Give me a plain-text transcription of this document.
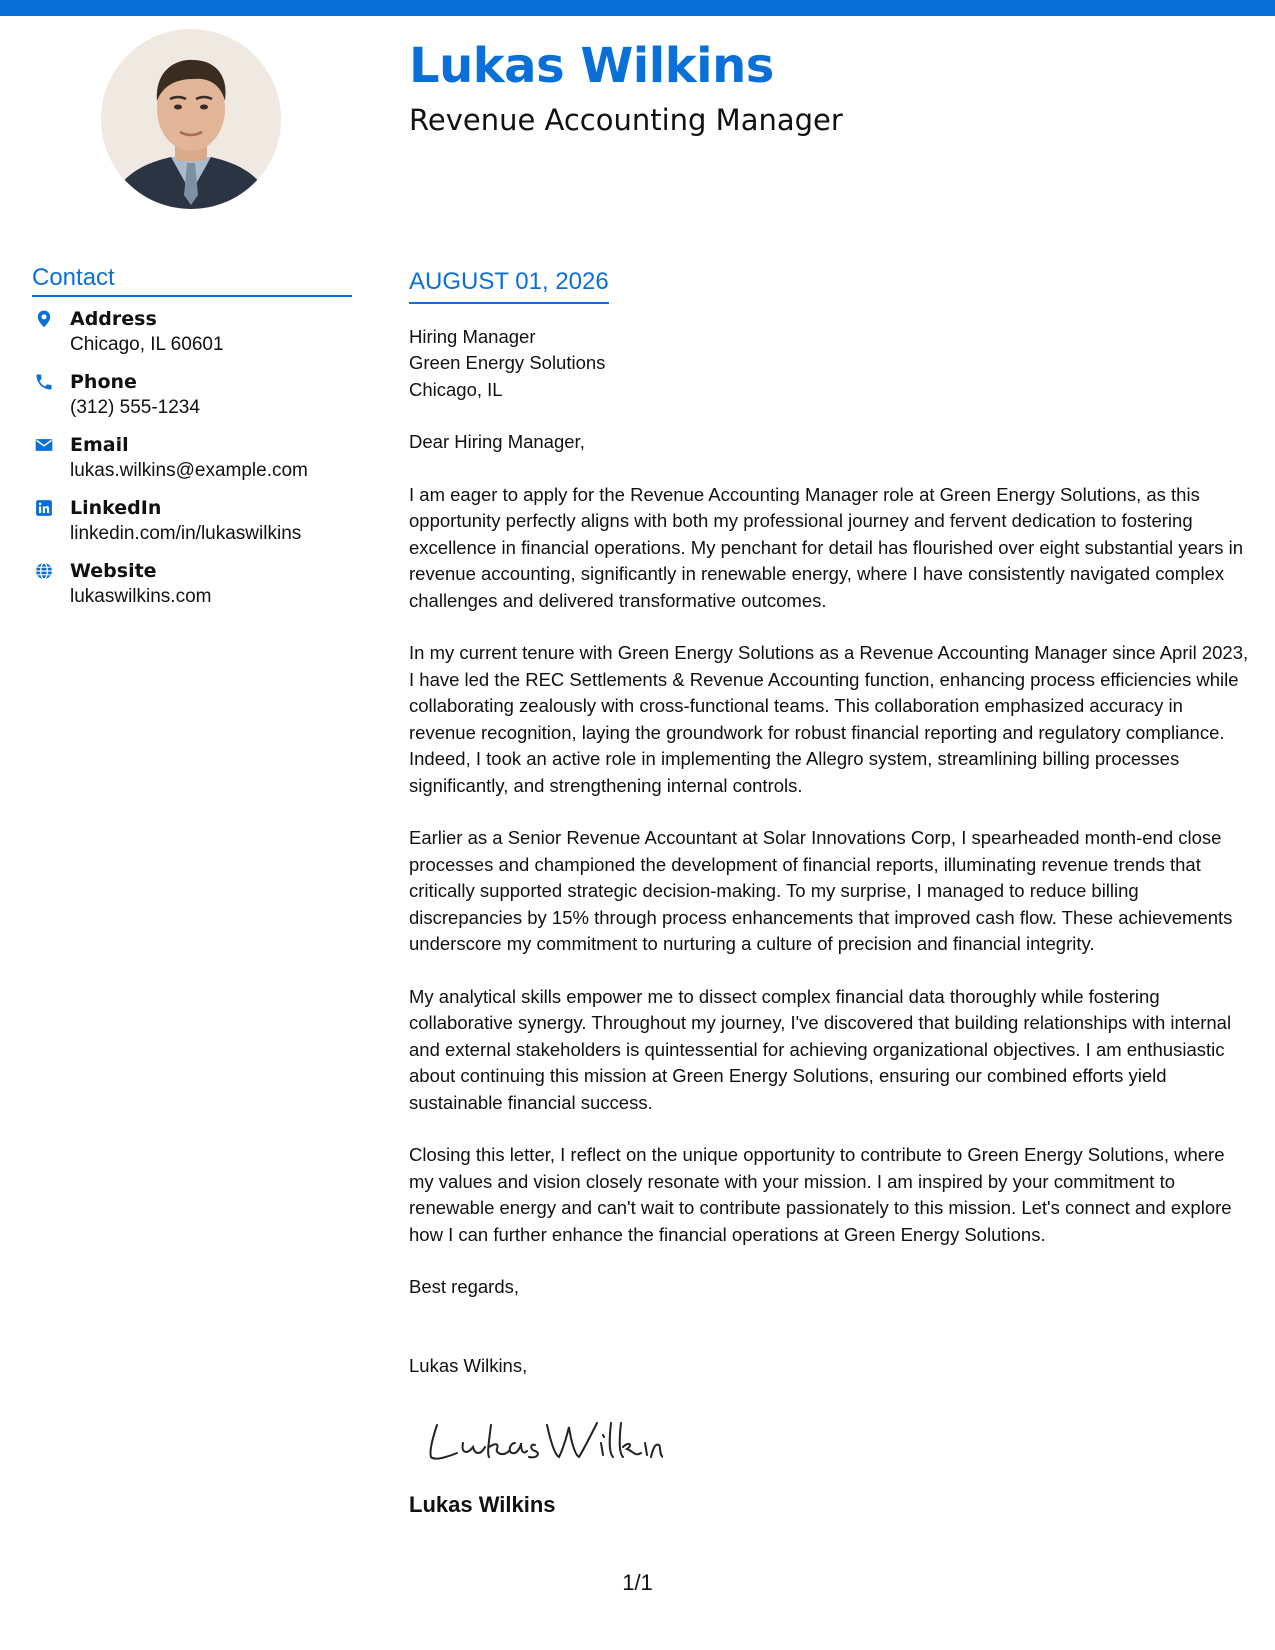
Lukas Wilkins
Revenue Accounting Manager
Contact
Address
Chicago, IL 60601
Phone
(312) 555-1234
Email
lukas.wilkins@example.com
LinkedIn
linkedin.com/in/lukaswilkins
Website
lukaswilkins.com
AUGUST 01, 2026
Hiring Manager
Green Energy Solutions
Chicago, IL

Dear Hiring Manager,

I am eager to apply for the Revenue Accounting Manager role at Green Energy Solutions, as this opportunity perfectly aligns with both my professional journey and fervent dedication to fostering excellence in financial operations. My penchant for detail has flourished over eight substantial years in revenue accounting, significantly in renewable energy, where I have consistently navigated complex challenges and delivered transformative outcomes.

In my current tenure with Green Energy Solutions as a Revenue Accounting Manager since April 2023, I have led the REC Settlements & Revenue Accounting function, enhancing process efficiencies while collaborating zealously with cross-functional teams. This collaboration emphasized accuracy in revenue recognition, laying the groundwork for robust financial reporting and regulatory compliance. Indeed, I took an active role in implementing the Allegro system, streamlining billing processes significantly, and strengthening internal controls.

Earlier as a Senior Revenue Accountant at Solar Innovations Corp, I spearheaded month-end close processes and championed the development of financial reports, illuminating revenue trends that critically supported strategic decision-making. To my surprise, I managed to reduce billing discrepancies by 15% through process enhancements that improved cash flow. These achievements underscore my commitment to nurturing a culture of precision and financial integrity.

My analytical skills empower me to dissect complex financial data thoroughly while fostering collaborative synergy. Throughout my journey, I've discovered that building relationships with internal and external stakeholders is quintessential for achieving organizational objectives. I am enthusiastic about continuing this mission at Green Energy Solutions, ensuring our combined efforts yield sustainable financial success.

Closing this letter, I reflect on the unique opportunity to contribute to Green Energy Solutions, where my values and vision closely resonate with your mission. I am inspired by your commitment to renewable energy and can't wait to contribute passionately to this mission. Let's connect and explore how I can further enhance the financial operations at Green Energy Solutions.

Best regards,

Lukas Wilkins,

Lukas Wilkins
1/1
